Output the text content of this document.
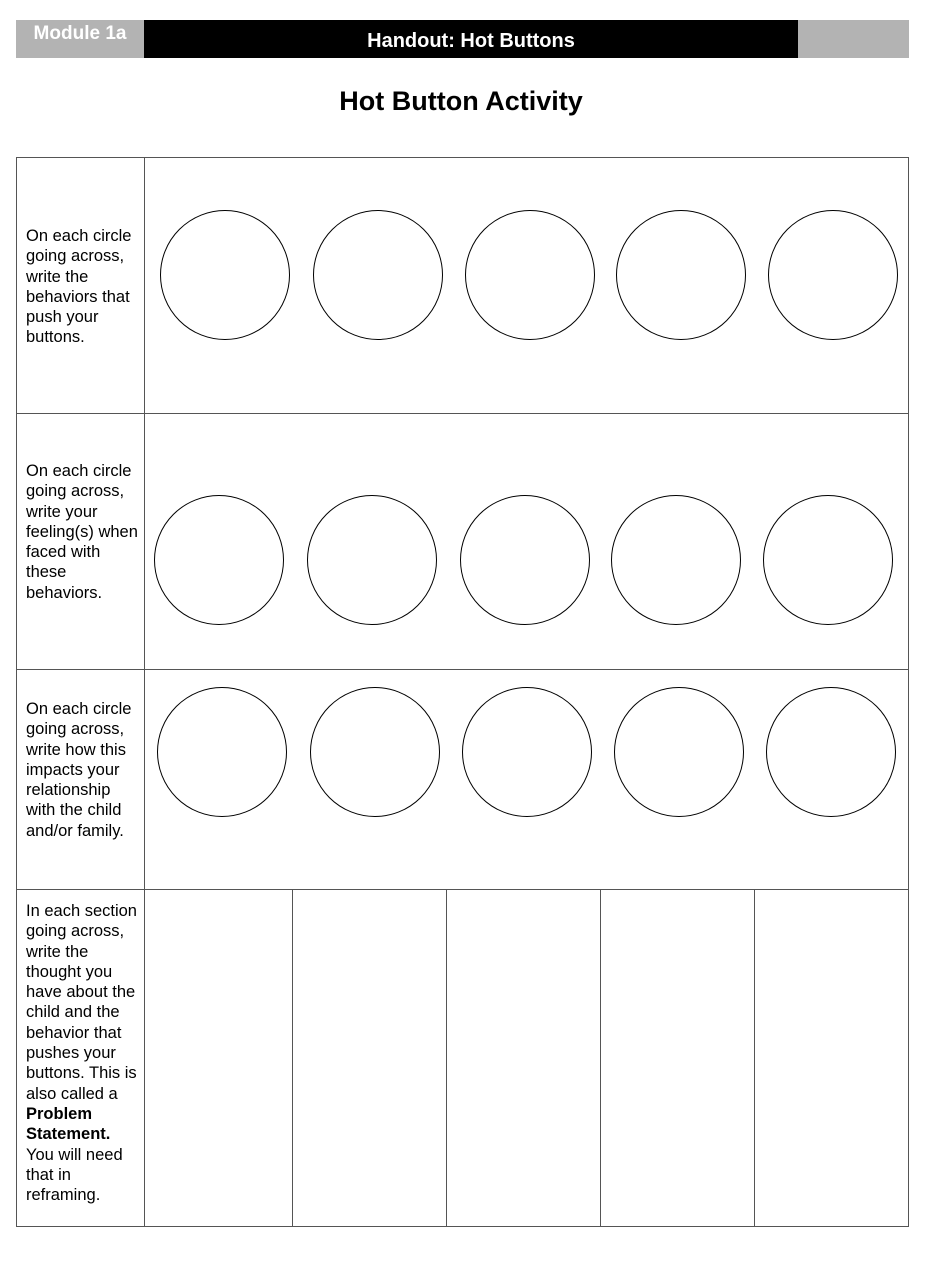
Module 1a	Handout: Hot Buttons
Hot Button Activity
On each circle going across, write the behaviors that push your buttons.
On each circle going across, write your feeling(s) when faced with these behaviors.
On each circle going across, write how this impacts your relationship with the child and/or family.
In each section going across, write the thought you have about the child and the behavior that pushes your buttons. This is also called a Problem Statement. You will need that in reframing.
